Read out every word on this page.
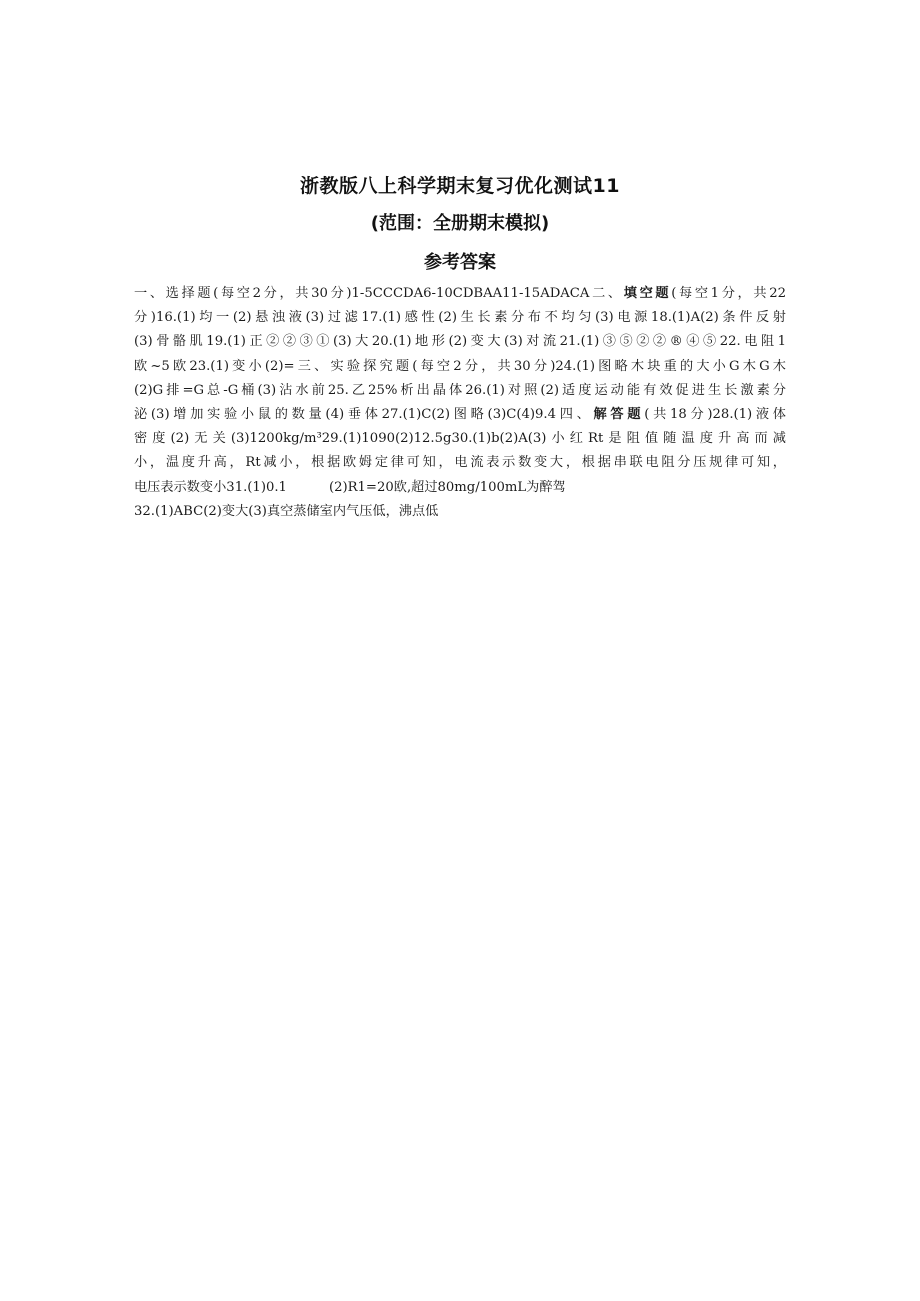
浙教版八上科学期末复习优化测试11
(范围：全册期末模拟)
参考答案
一、选择题(每空2分，共30分)1-5CCCDA6-10CDBAA11-15ADACA二、填空题(每空1分，共22
分)16.(1)均一(2)悬浊液(3)过滤17.(1)感性(2)生长素分布不均匀(3)电源18.(1)A(2)条件反射
(3)骨骼肌19.(1)正②②③①(3)大20.(1)地形(2)变大(3)对流21.(1)③⑤②②®④⑤22.电阻1
欧~5欧23.(1)变小(2)=三、实验探究题(每空2分，共30分)24.(1)图略木块重的大小G木G木
(2)G排=G总-G桶(3)沾水前25.乙25%析出晶体26.(1)对照(2)适度运动能有效促进生长激素分
泌(3)增加实验小鼠的数量(4)垂体27.(1)C(2)图略(3)C(4)9.4四、解答题(共18分)28.(1)液体
密度(2)无关(3)1200kg/m³29.(1)1090(2)12.5g30.(1)b(2)A(3)小红Rt是阻值随温度升高而减
小，温度升高，Rt减小，根据欧姆定律可知，电流表示数变大，根据串联电阻分压规律可知，
电压表示数变小31.(1)0.1	(2)R1=20欧,超过80mg/100mL为醉驾
32.(1)ABC(2)变大(3)真空蒸储室内气压低，沸点低
